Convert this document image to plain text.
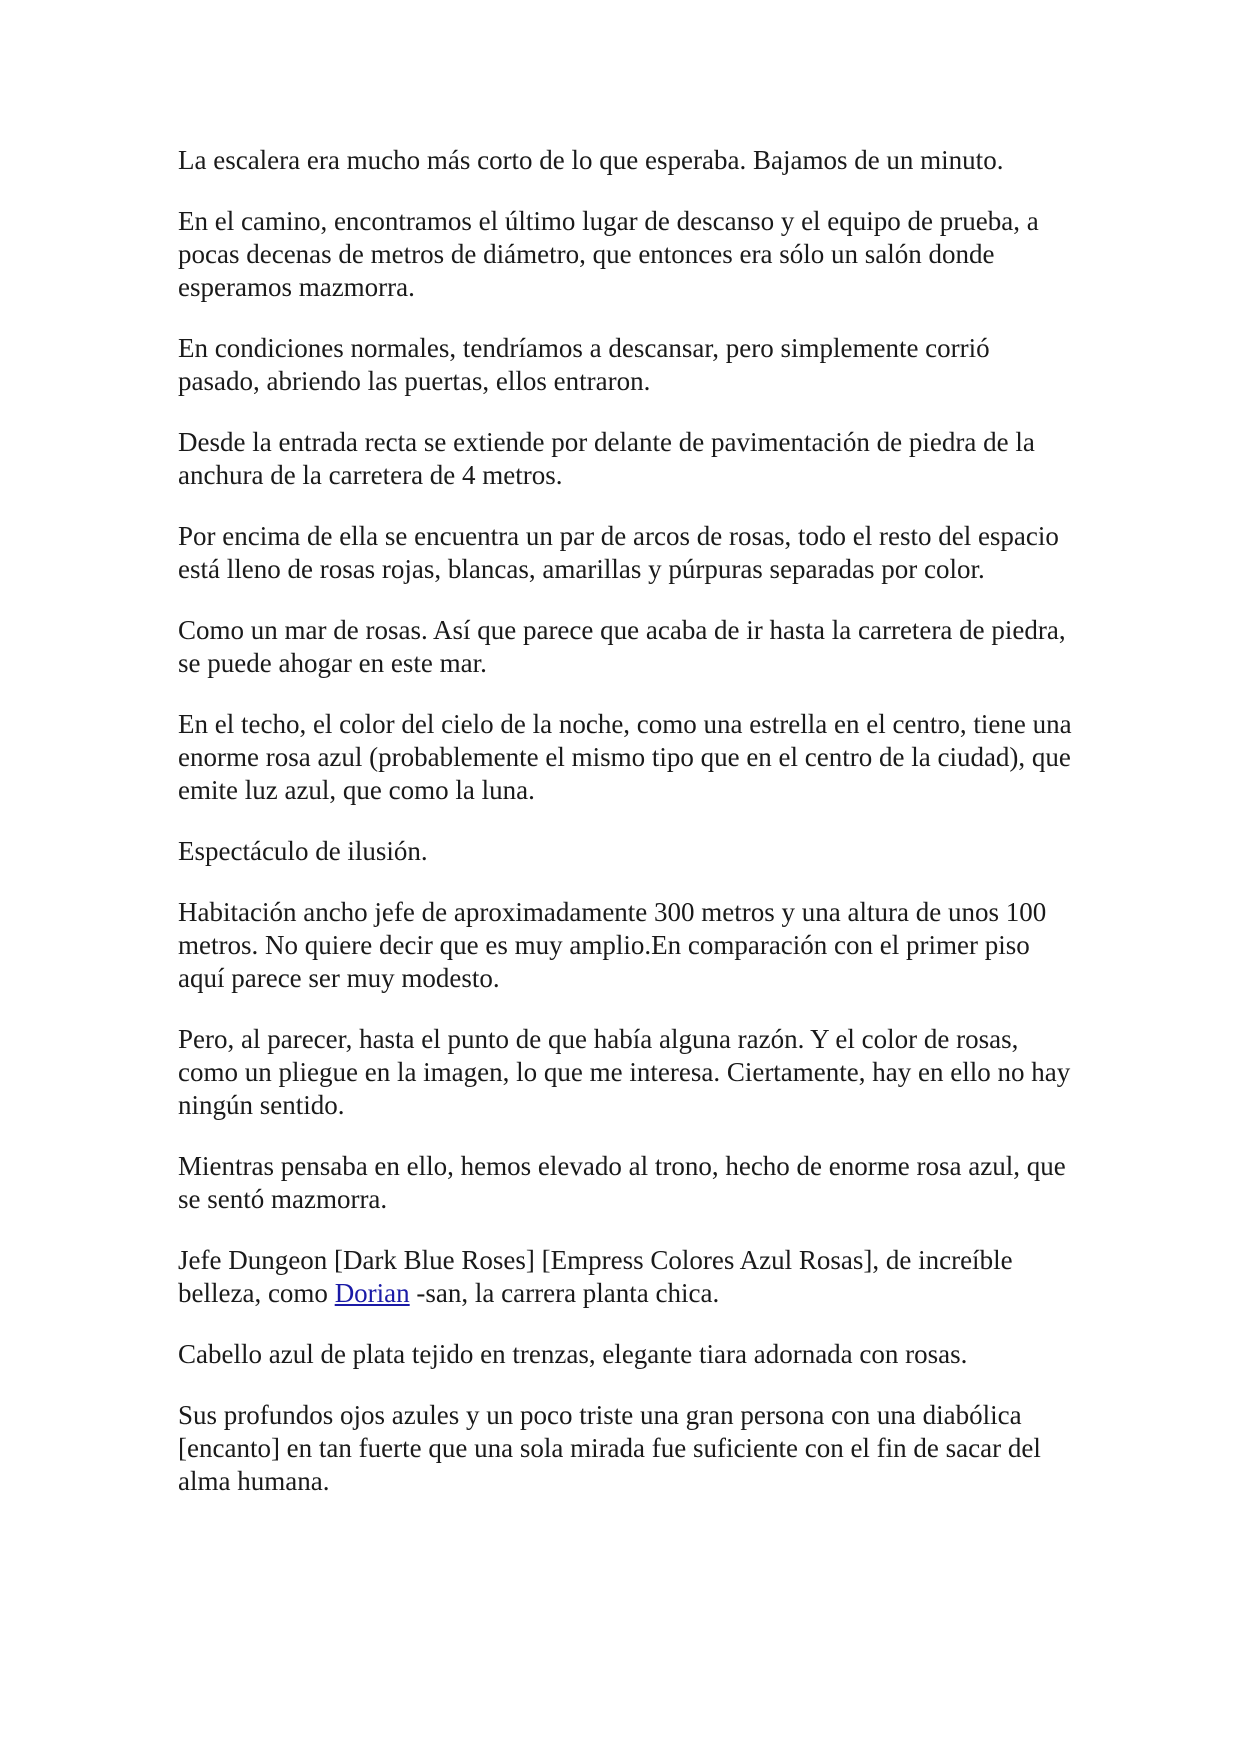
La escalera era mucho más corto de lo que esperaba. Bajamos de un minuto.

En el camino, encontramos el último lugar de descanso y el equipo de prueba, a pocas decenas de metros de diámetro, que entonces era sólo un salón donde esperamos mazmorra.

En condiciones normales, tendríamos a descansar, pero simplemente corrió pasado, abriendo las puertas, ellos entraron.

Desde la entrada recta se extiende por delante de pavimentación de piedra de la anchura de la carretera de 4 metros.

Por encima de ella se encuentra un par de arcos de rosas, todo el resto del espacio está lleno de rosas rojas, blancas, amarillas y púrpuras separadas por color.

Como un mar de rosas. Así que parece que acaba de ir hasta la carretera de piedra, se puede ahogar en este mar.

En el techo, el color del cielo de la noche, como una estrella en el centro, tiene una enorme rosa azul (probablemente el mismo tipo que en el centro de la ciudad), que emite luz azul, que como la luna.

Espectáculo de ilusión.

Habitación ancho jefe de aproximadamente 300 metros y una altura de unos 100 metros. No quiere decir que es muy amplio.En comparación con el primer piso aquí parece ser muy modesto.

Pero, al parecer, hasta el punto de que había alguna razón. Y el color de rosas, como un pliegue en la imagen, lo que me interesa. Ciertamente, hay en ello no hay ningún sentido.

Mientras pensaba en ello, hemos elevado al trono, hecho de enorme rosa azul, que se sentó mazmorra.

Jefe Dungeon [Dark Blue Roses] [Empress Colores Azul Rosas], de increíble belleza, como Dorian -san, la carrera planta chica.

Cabello azul de plata tejido en trenzas, elegante tiara adornada con rosas.

Sus profundos ojos azules y un poco triste una gran persona con una diabólica [encanto] en tan fuerte que una sola mirada fue suficiente con el fin de sacar del alma humana.
